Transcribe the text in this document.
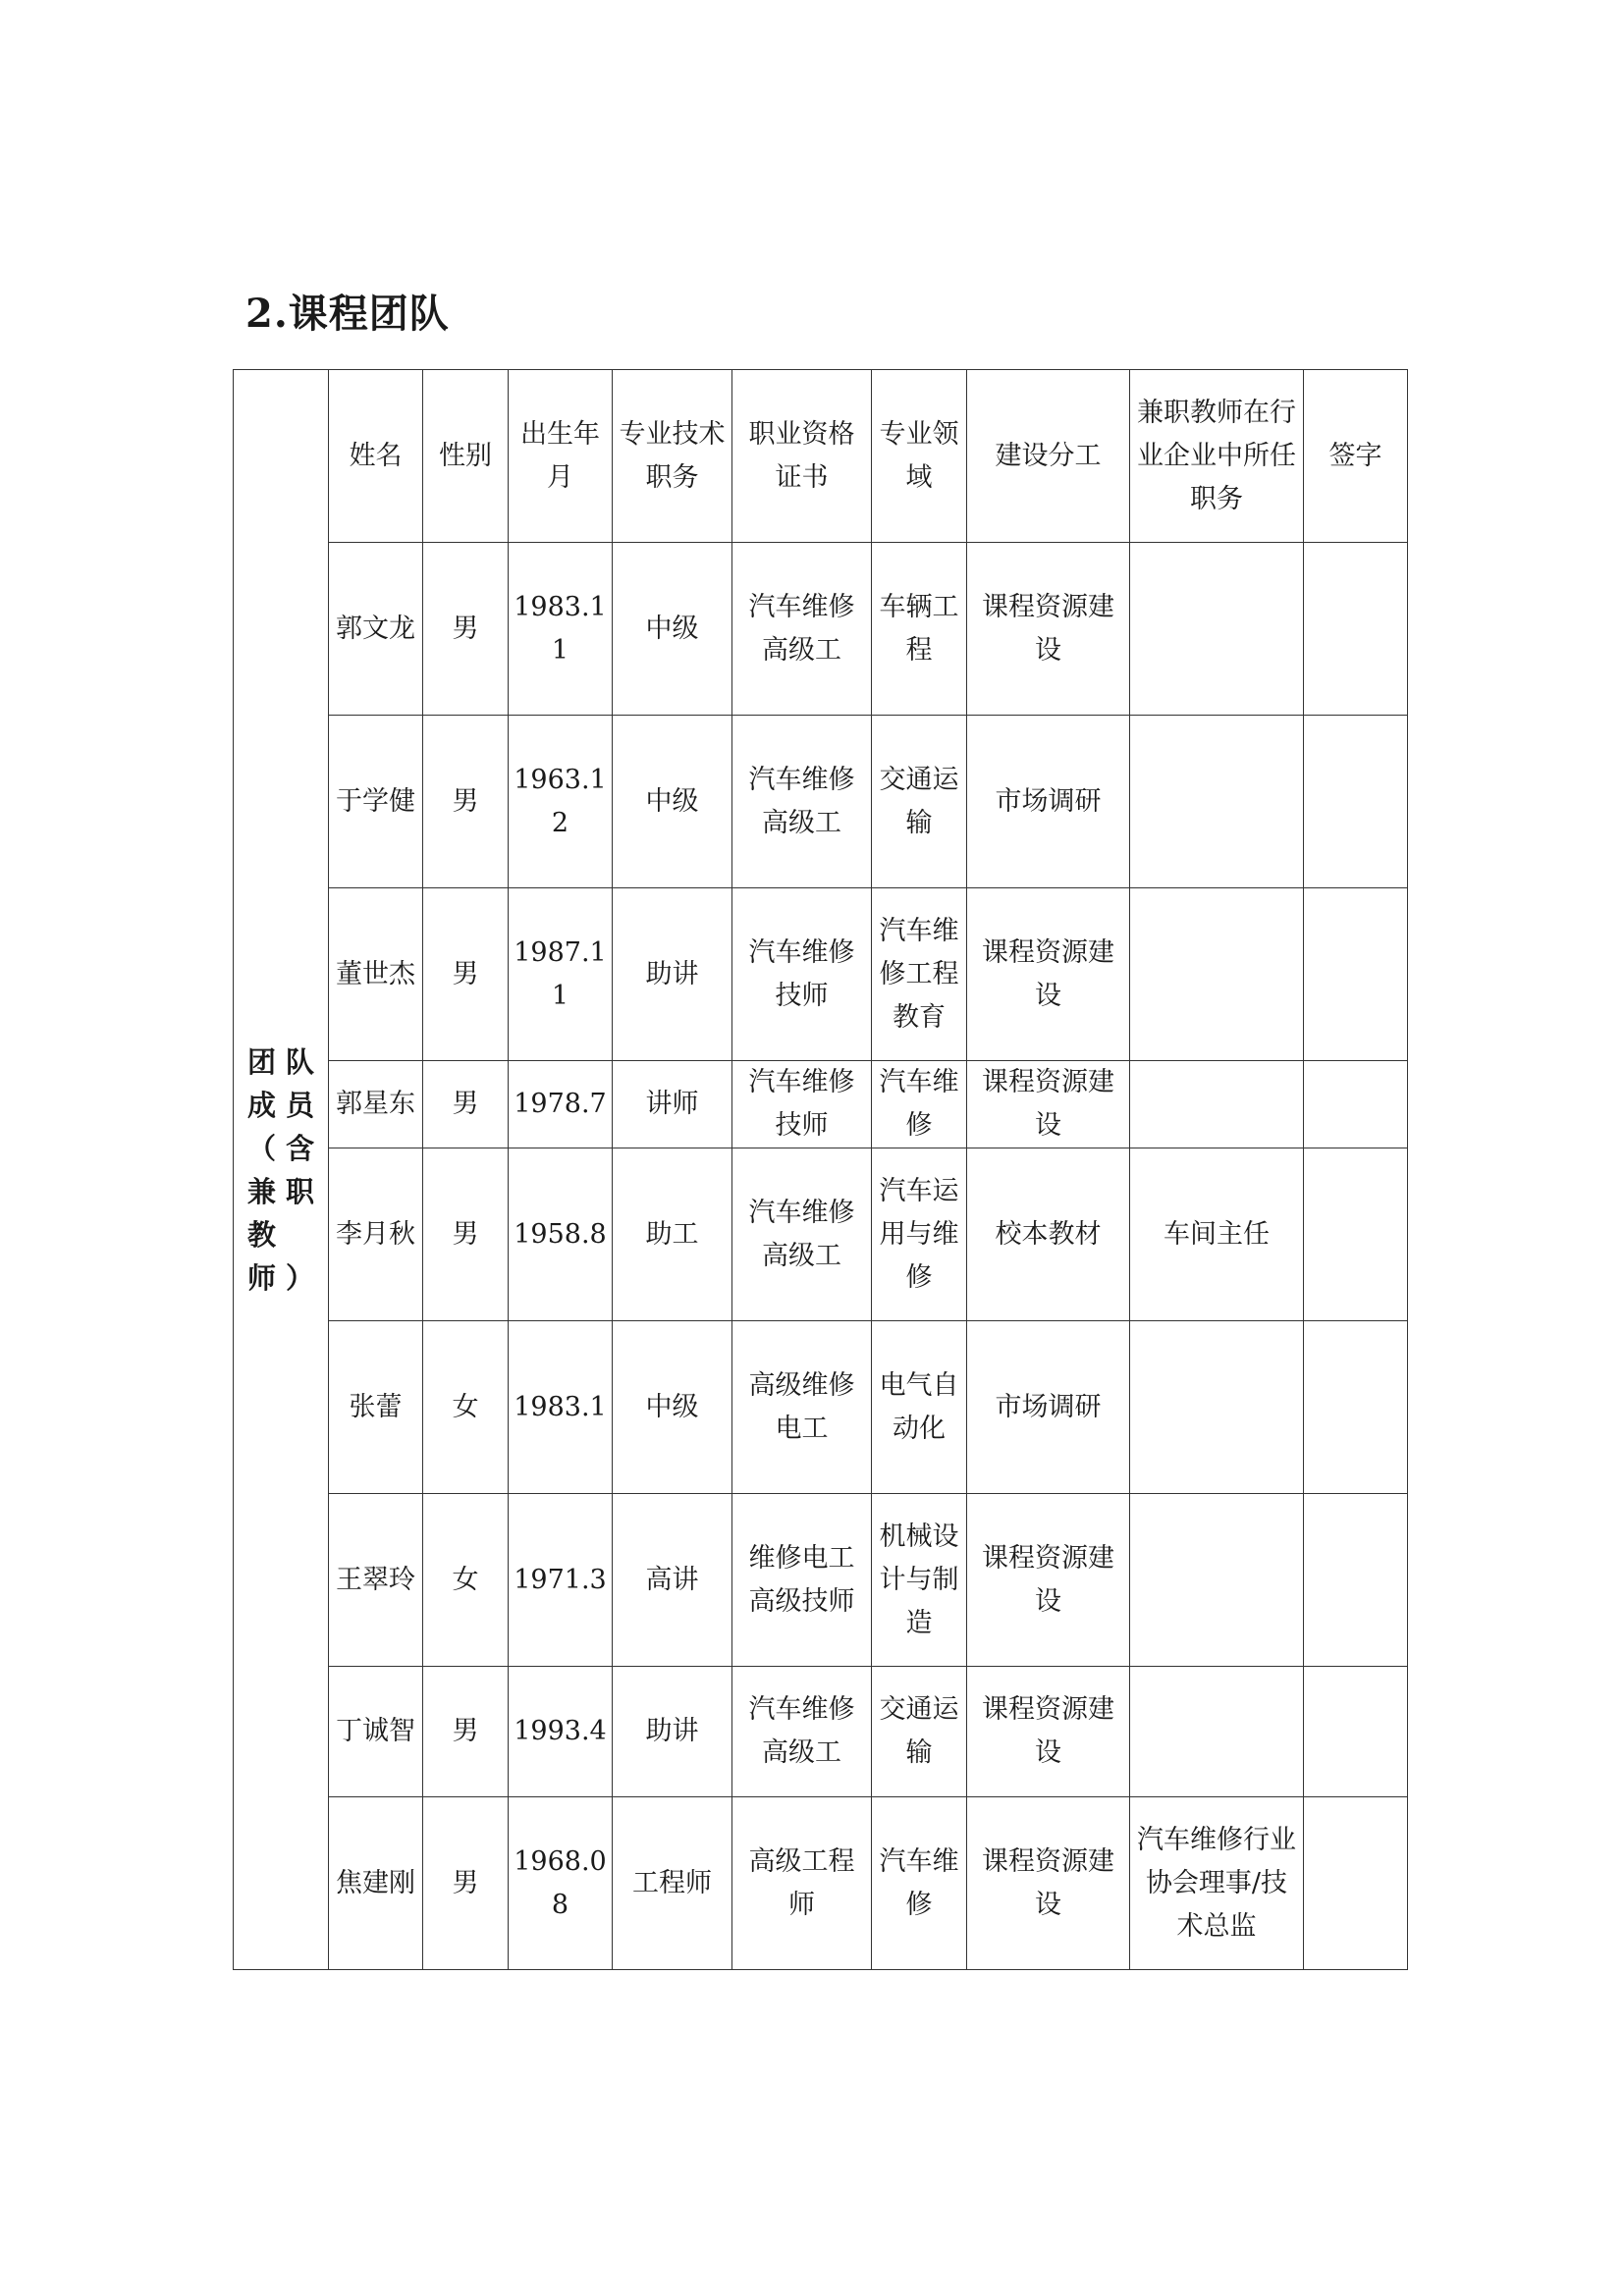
2.课程团队
团队成员（含兼职教师）	姓名	性别	出生年月	专业技术职务	职业资格证书	专业领域	建设分工	兼职教师在行业企业中所任职务	签字
	郭文龙	男	1983.11	中级	汽车维修高级工	车辆工程	课程资源建设		
	于学健	男	1963.12	中级	汽车维修高级工	交通运输	市场调研		
	董世杰	男	1987.11	助讲	汽车维修技师	汽车维修工程教育	课程资源建设		
	郭星东	男	1978.7	讲师	汽车维修技师	汽车维修	课程资源建设		
	李月秋	男	1958.8	助工	汽车维修高级工	汽车运用与维修	校本教材	车间主任	
	张蕾	女	1983.1	中级	高级维修电工	电气自动化	市场调研		
	王翠玲	女	1971.3	高讲	维修电工高级技师	机械设计与制造	课程资源建设		
	丁诚智	男	1993.4	助讲	汽车维修高级工	交通运输	课程资源建设		
	焦建刚	男	1968.08	工程师	高级工程师	汽车维修	课程资源建设	汽车维修行业协会理事/技术总监	
